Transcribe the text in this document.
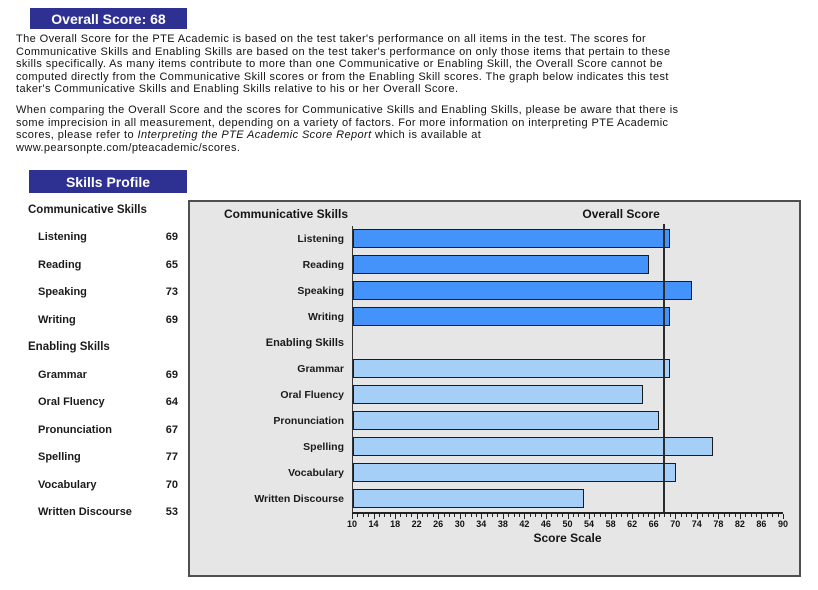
Overall Score: 68
The Overall Score for the PTE Academic is based on the test taker's performance on all items in the test. The scores for
Communicative Skills and Enabling Skills are based on the test taker's performance on only those items that pertain to these
skills specifically. As many items contribute to more than one Communicative or Enabling Skill, the Overall Score cannot be
computed directly from the Communicative Skill scores or from the Enabling Skill scores. The graph below indicates this test
taker's Communicative Skills and Enabling Skills relative to his or her Overall Score.
When comparing the Overall Score and the scores for Communicative Skills and Enabling Skills, please be aware that there is
some imprecision in all measurement, depending on a variety of factors. For more information on interpreting PTE Academic
scores, please refer to Interpreting the PTE Academic Score Report which is available at
www.pearsonpte.com/pteacademic/scores.
Skills Profile
Communicative Skills
Listening	69
Reading	65
Speaking	73
Writing	69
Enabling Skills
Grammar	69
Oral Fluency	64
Pronunciation	67
Spelling	77
Vocabulary	70
Written Discourse	53
Communicative Skills	Overall Score
Listening
Reading
Speaking
Writing
Enabling Skills
Grammar
Oral Fluency
Pronunciation
Spelling
Vocabulary
Written Discourse
10 14 18 22 26 30 34 38 42 46 50 54 58 62 66 70 74 78 82 86 90
Score Scale
